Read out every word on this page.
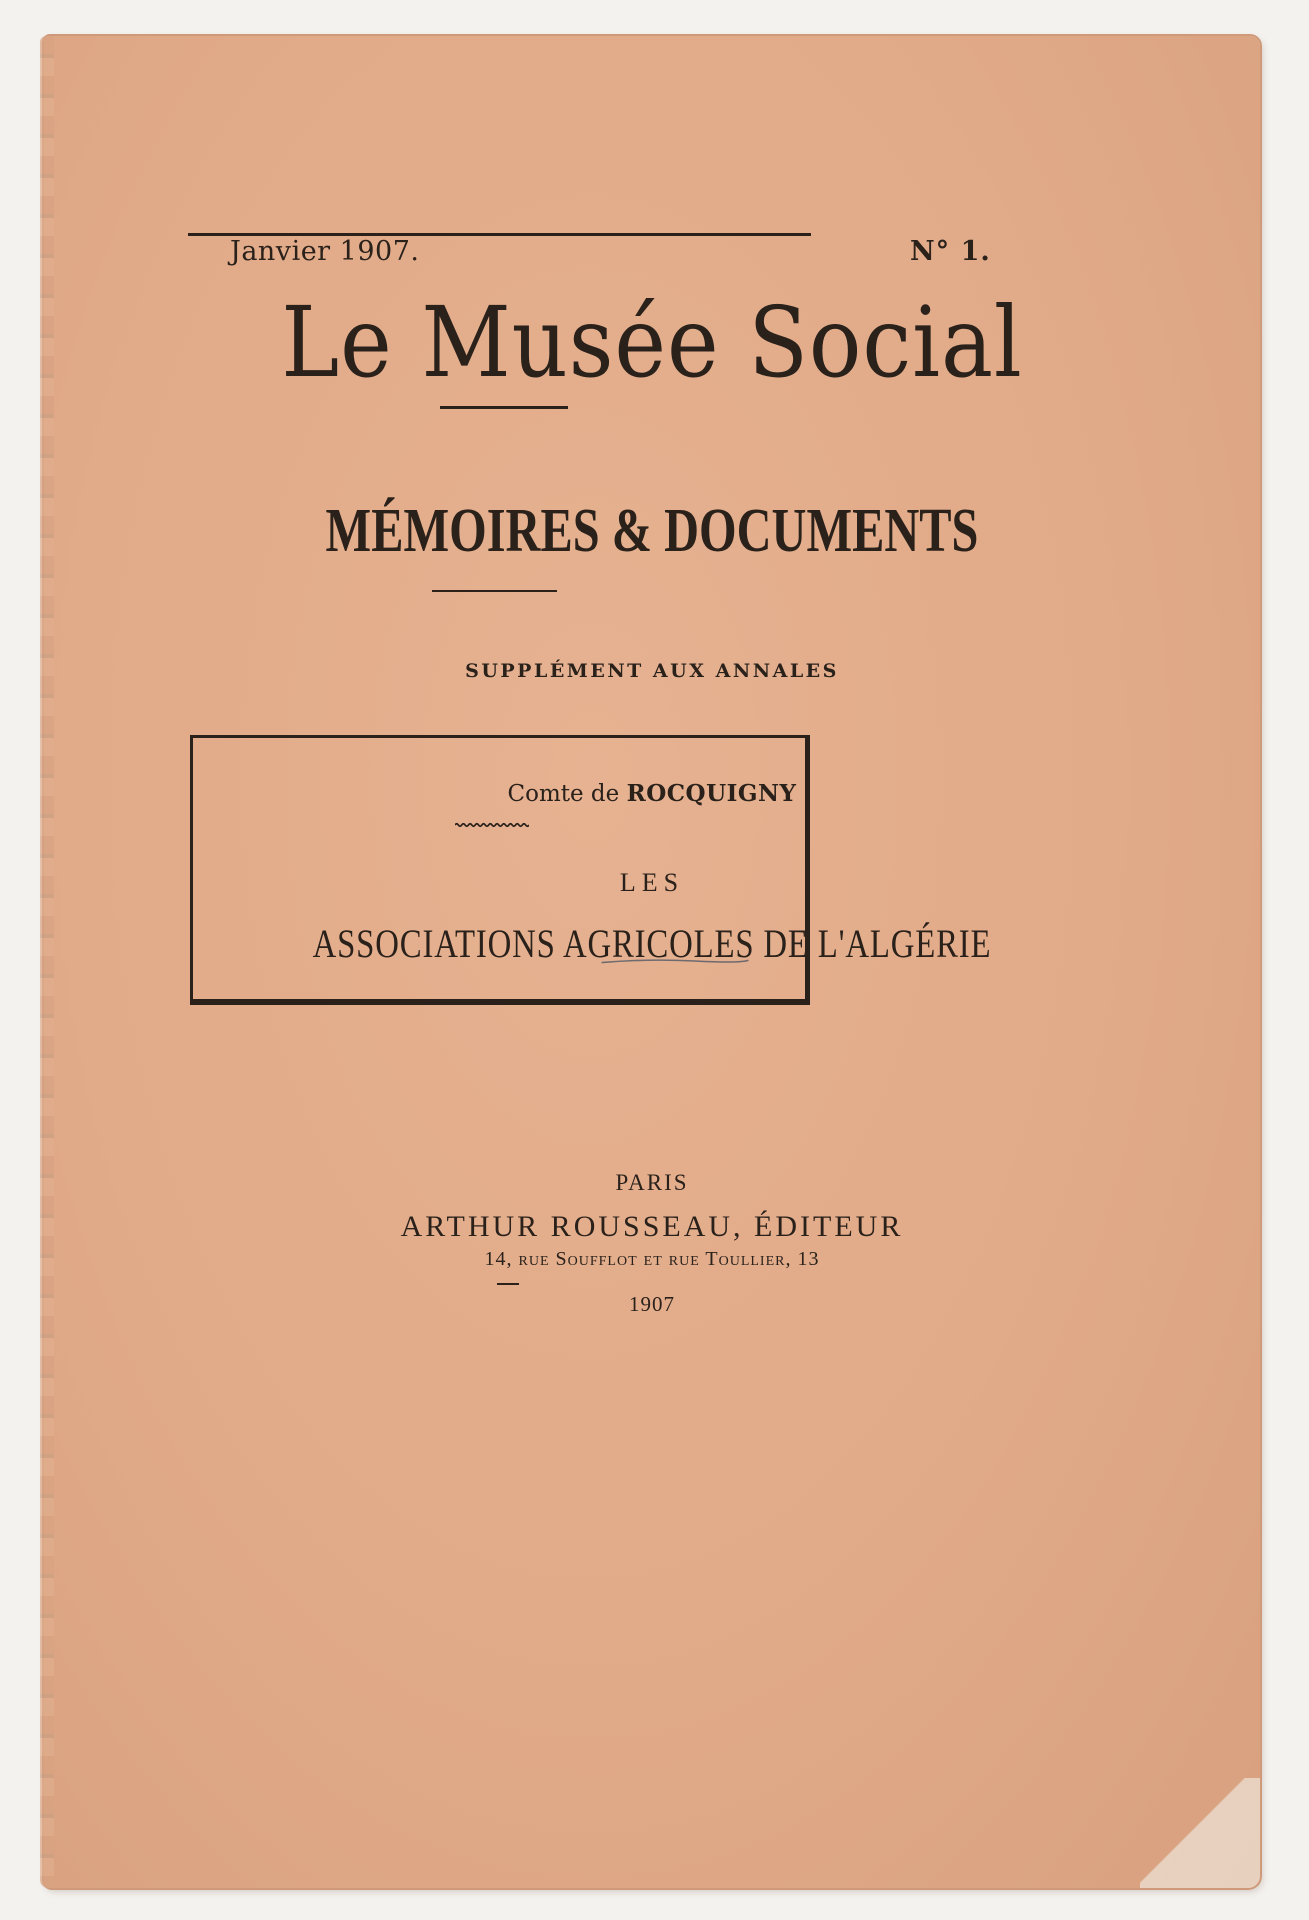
Janvier 1907.	N° 1.
Le Musée Social
MÉMOIRES & DOCUMENTS
SUPPLÉMENT AUX ANNALES
Comte de ROCQUIGNY
LES
ASSOCIATIONS AGRICOLES DE L'ALGÉRIE
PARIS
ARTHUR ROUSSEAU, ÉDITEUR
14, rue Soufflot et rue Toullier, 13
1907
